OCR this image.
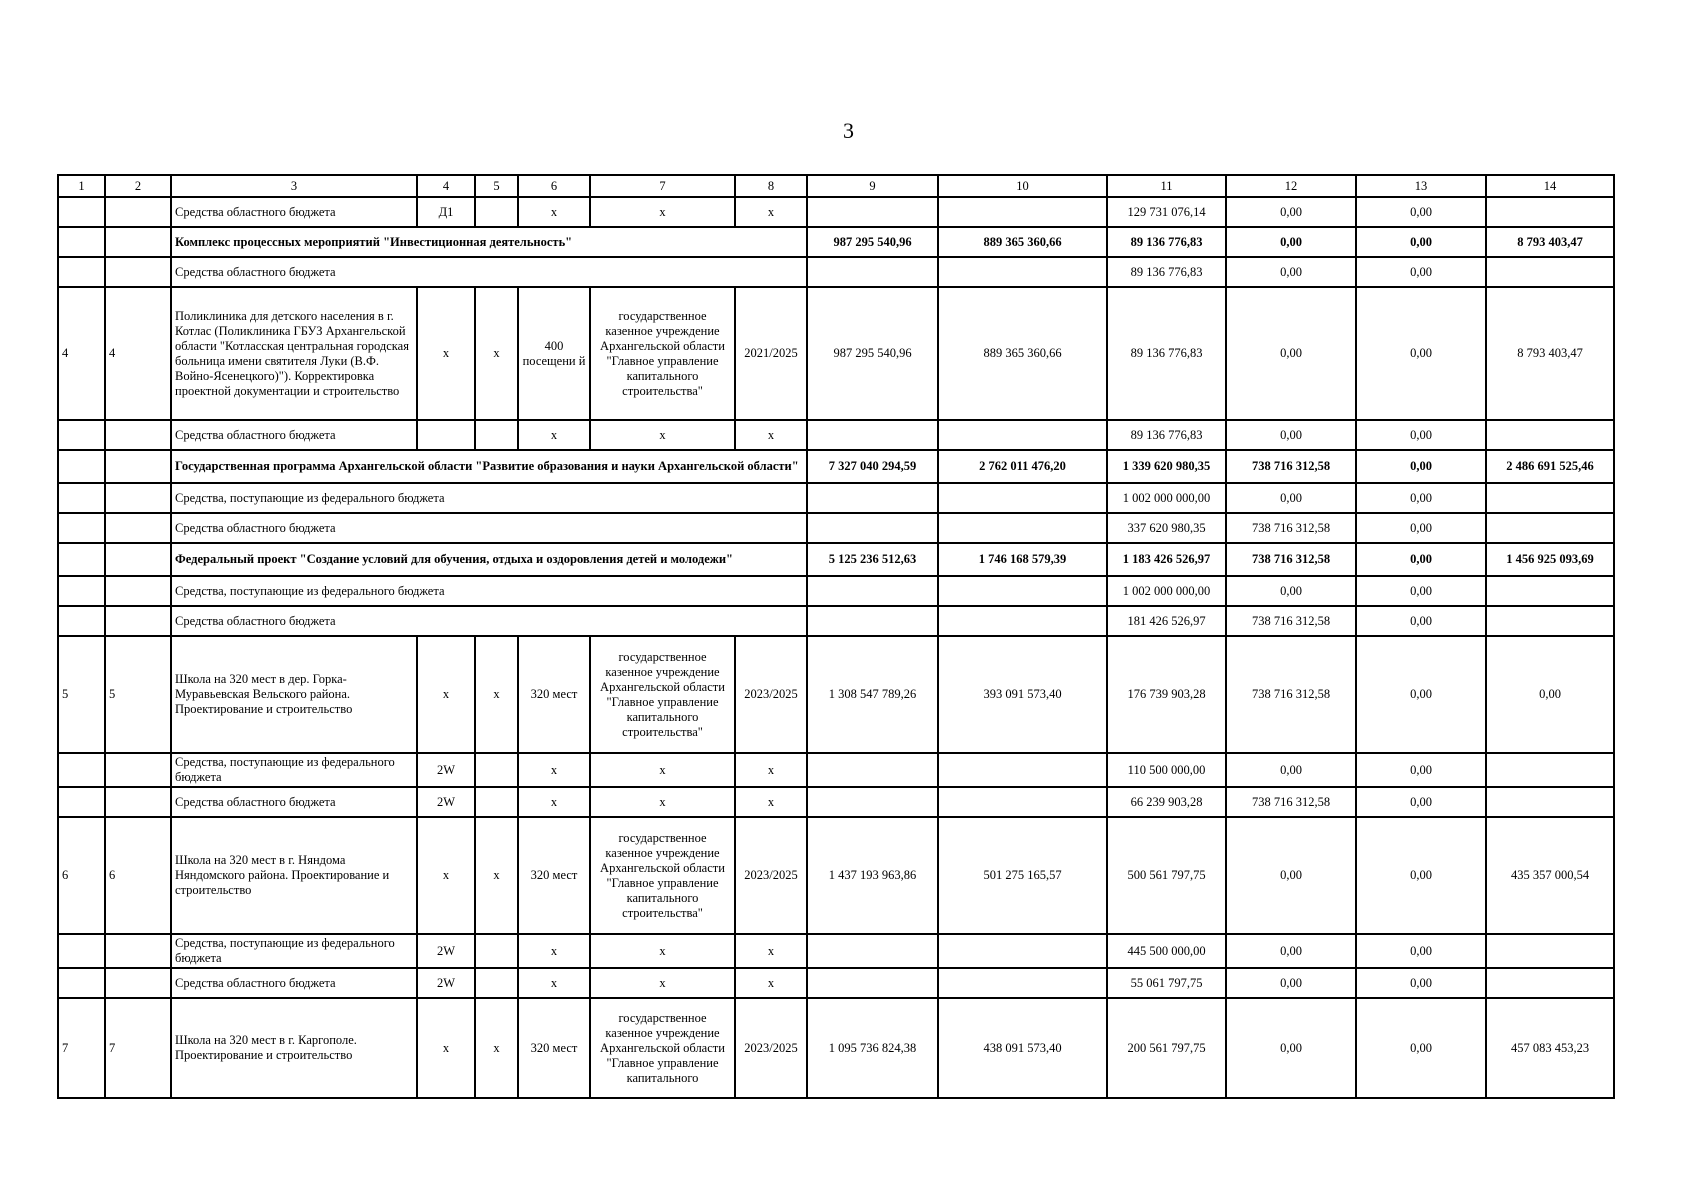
3
1	2	3	4	5	6	7	8	9	10	11	12	13	14
		Средства областного бюджета	Д1		х	х	х			129 731 076,14	0,00	0,00	
		Комплекс процессных мероприятий "Инвестиционная деятельность"						987 295 540,96	889 365 360,66	89 136 776,83	0,00	0,00	8 793 403,47
		Средства областного бюджета								89 136 776,83	0,00	0,00	
4	4	Поликлиника для детского населения в г. Котлас (Поликлиника ГБУЗ Архангельской области "Котласская центральная городская больница имени святителя Луки (В.Ф. Войно-Ясенецкого)"). Корректировка проектной документации и строительство	х	х	400 посещени й	государственное казенное учреждение Архангельской области "Главное управление капитального строительства"	2021/2025	987 295 540,96	889 365 360,66	89 136 776,83	0,00	0,00	8 793 403,47
		Средства областного бюджета			х	х	х			89 136 776,83	0,00	0,00	
		Государственная программа Архангельской области "Развитие образования и науки Архангельской области"						7 327 040 294,59	2 762 011 476,20	1 339 620 980,35	738 716 312,58	0,00	2 486 691 525,46
		Средства, поступающие из федерального бюджета								1 002 000 000,00	0,00	0,00	
		Средства областного бюджета								337 620 980,35	738 716 312,58	0,00	
		Федеральный проект "Создание условий для обучения, отдыха и оздоровления детей и молодежи"						5 125 236 512,63	1 746 168 579,39	1 183 426 526,97	738 716 312,58	0,00	1 456 925 093,69
		Средства, поступающие из федерального бюджета								1 002 000 000,00	0,00	0,00	
		Средства областного бюджета								181 426 526,97	738 716 312,58	0,00	
5	5	Школа на 320 мест в дер. Горка-Муравьевская Вельского района. Проектирование и строительство	х	х	320 мест	государственное казенное учреждение Архангельской области "Главное управление капитального строительства"	2023/2025	1 308 547 789,26	393 091 573,40	176 739 903,28	738 716 312,58	0,00	0,00
		Средства, поступающие из федерального бюджета	2W		х	х	х			110 500 000,00	0,00	0,00	
		Средства областного бюджета	2W		х	х	х			66 239 903,28	738 716 312,58	0,00	
6	6	Школа на 320 мест в г. Няндома Няндомского района. Проектирование и строительство	х	х	320 мест	государственное казенное учреждение Архангельской области "Главное управление капитального строительства"	2023/2025	1 437 193 963,86	501 275 165,57	500 561 797,75	0,00	0,00	435 357 000,54
		Средства, поступающие из федерального бюджета	2W		х	х	х			445 500 000,00	0,00	0,00	
		Средства областного бюджета	2W		х	х	х			55 061 797,75	0,00	0,00	
7	7	Школа на 320 мест в г. Каргополе. Проектирование и строительство	х	х	320 мест	государственное казенное учреждение Архангельской области "Главное управление капитального	2023/2025	1 095 736 824,38	438 091 573,40	200 561 797,75	0,00	0,00	457 083 453,23
